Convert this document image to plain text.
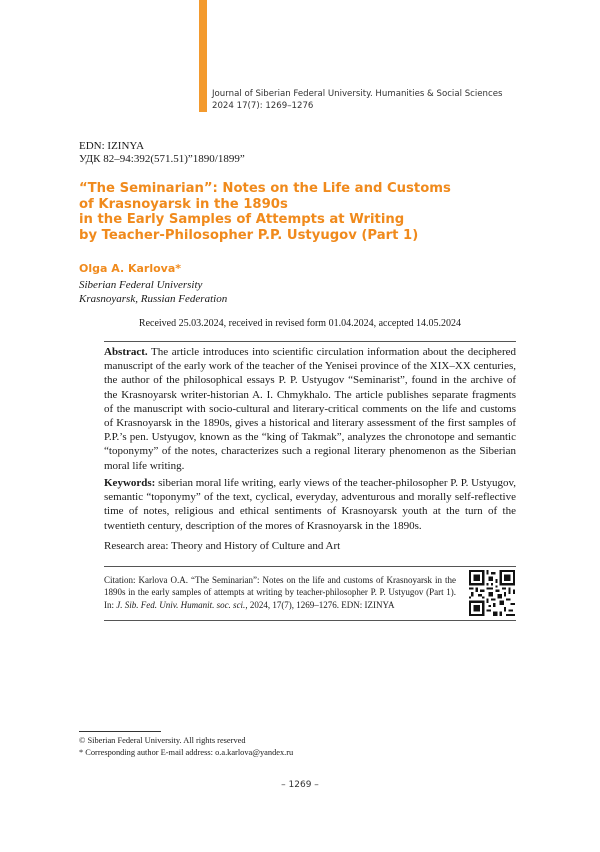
Journal of Siberian Federal University. Humanities & Social Sciences
2024 17(7): 1269–1276
EDN: IZINYA
УДК 82–94:392(571.51)”1890/1899”
“The Seminarian”: Notes on the Life and Customs
of Krasnoyarsk in the 1890s
in the Early Samples of Attempts at Writing
by Teacher-Philosopher P.P. Ustyugov (Part 1)
Olga A. Karlova*
Siberian Federal University
Krasnoyarsk, Russian Federation
Received 25.03.2024, received in revised form 01.04.2024, accepted 14.05.2024
Abstract. The article introduces into scientific circulation information about the deciphered manuscript of the early work of the teacher of the Yenisei province of the XIX–XX centuries, the author of the philosophical essays P. P. Ustyugov “Seminarist”, found in the archive of the Krasnoyarsk writer-historian A. I. Chmykhalo. The article publishes separate fragments of the manuscript with socio-cultural and literary-critical comments on the life and customs of Krasnoyarsk in the 1890s, gives a historical and literary assessment of the first samples of P.P.’s pen. Ustyugov, known as the “king of Takmak”, analyzes the chronotope and semantic “toponymy” of the notes, characterizes such a regional literary phenomenon as the Siberian moral life writing.
Keywords: siberian moral life writing, early views of the teacher-philosopher P. P. Ustyugov, semantic “toponymy” of the text, cyclical, everyday, adventurous and morally self-reflective time of notes, religious and ethical sentiments of Krasnoyarsk youth at the turn of the twentieth century, description of the mores of Krasnoyarsk in the 1890s.
Research area: Theory and History of Culture and Art
Citation: Karlova O.A. “The Seminarian”: Notes on the life and customs of Krasnoyarsk in the 1890s in the early samples of attempts at writing by teacher-philosopher P. P. Ustyugov (Part 1). In: J. Sib. Fed. Univ. Humanit. soc. sci., 2024, 17(7), 1269–1276. EDN: IZINYA
© Siberian Federal University. All rights reserved
* Corresponding author E-mail address: o.a.karlova@yandex.ru
– 1269 –
